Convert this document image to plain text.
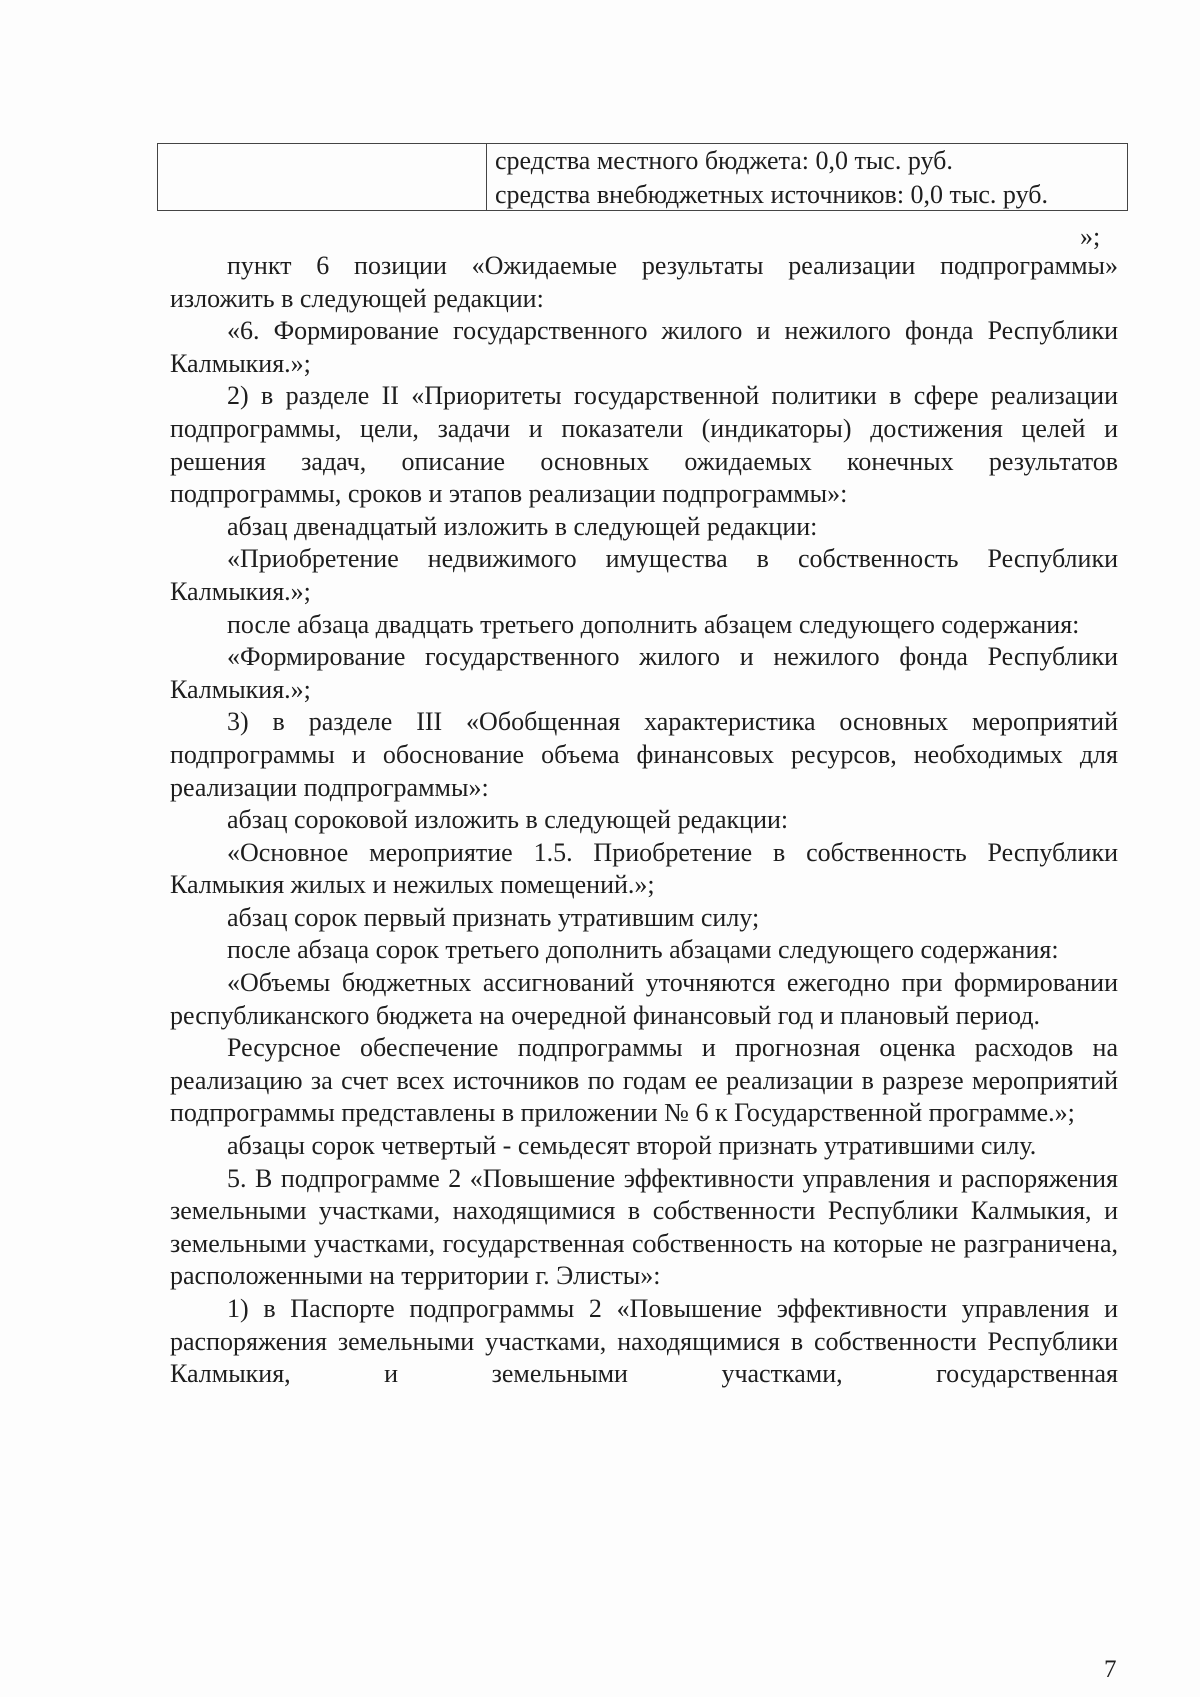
средства местного бюджета: 0,0 тыс. руб.
средства внебюджетных источников: 0,0 тыс. руб.
»;

пункт 6 позиции «Ожидаемые результаты реализации подпрограммы» изложить в следующей редакции:

«6. Формирование государственного жилого и нежилого фонда Республики Калмыкия.»;

2) в разделе II «Приоритеты государственной политики в сфере реализации подпрограммы, цели, задачи и показатели (индикаторы) достижения целей и решения задач, описание основных ожидаемых конечных результатов подпрограммы, сроков и этапов реализации подпрограммы»:

абзац двенадцатый изложить в следующей редакции:

«Приобретение недвижимого имущества в собственность Республики Калмыкия.»;

после абзаца двадцать третьего дополнить абзацем следующего содержания:

«Формирование государственного жилого и нежилого фонда Республики Калмыкия.»;

3) в разделе III «Обобщенная характеристика основных мероприятий подпрограммы и обоснование объема финансовых ресурсов, необходимых для реализации подпрограммы»:

абзац сороковой изложить в следующей редакции:

«Основное мероприятие 1.5. Приобретение в собственность Республики Калмыкия жилых и нежилых помещений.»;

абзац сорок первый признать утратившим силу;

после абзаца сорок третьего дополнить абзацами следующего содержания:

«Объемы бюджетных ассигнований уточняются ежегодно при формировании республиканского бюджета на очередной финансовый год и плановый период.

Ресурсное обеспечение подпрограммы и прогнозная оценка расходов на реализацию за счет всех источников по годам ее реализации в разрезе мероприятий подпрограммы представлены в приложении № 6 к Государственной программе.»;

абзацы сорок четвертый - семьдесят второй признать утратившими силу.

5. В подпрограмме 2 «Повышение эффективности управления и распоряжения земельными участками, находящимися в собственности Республики Калмыкия, и земельными участками, государственная собственность на которые не разграничена, расположенными на территории г. Элисты»:

1) в Паспорте подпрограммы 2 «Повышение эффективности управления и распоряжения земельными участками, находящимися в собственности Республики Калмыкия, и земельными участками, государственная

7
